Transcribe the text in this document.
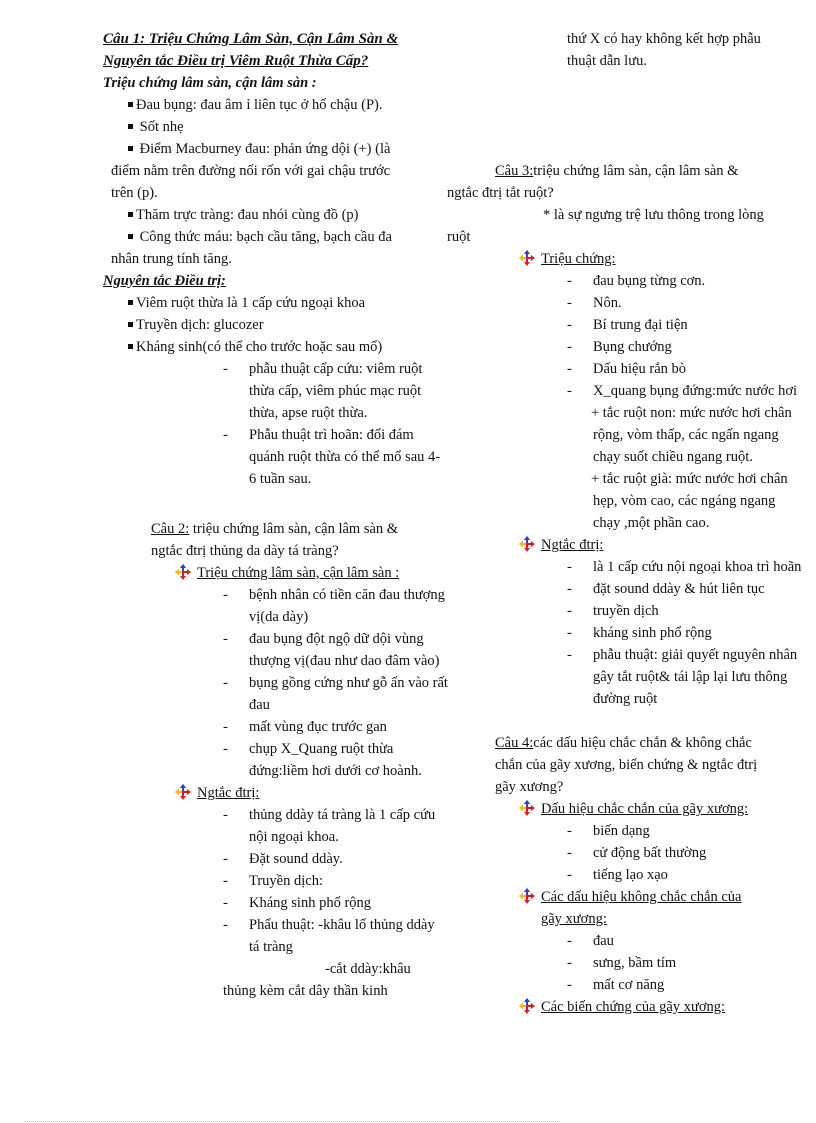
Câu 1: Triệu Chứng Lâm Sàn, Cận Lâm Sàn &
Nguyên tắc Điều trị Viêm Ruột Thừa Cấp?
Triệu chứng lâm sàn, cận lâm sàn :
Đau bụng: đau âm ỉ liên tục ở hố chậu (P).
Sốt nhẹ
Điểm Macburney đau: phản ứng dội (+) (là
điểm nằm trên đường nối rốn với gai chậu trước
trên (p).
Thăm trực tràng: đau nhói cùng đồ (p)
Công thức máu: bạch cầu tăng, bạch cầu đa
nhân trung tính tăng.
Nguyên tắc Điều trị:
Viêm ruột thừa là 1 cấp cứu ngoại khoa
Truyền dịch: glucozer
Kháng sinh(có thể cho trước hoặc sau mổ)
- phẫu thuật cấp cứu: viêm ruột thừa cấp, viêm phúc mạc ruột thừa, apse ruột thừa.
- Phẫu thuật trì hoãn: đối đám quánh ruột thừa có thể mổ sau 4-6 tuần sau.
Câu 2: triệu chứng lâm sàn, cận lâm sàn &
ngtắc đtrị thủng da dày tá tràng?
Triệu chứng lâm sàn, cận lâm sàn :
- bệnh nhân có tiền căn đau thượng vị(da dày)
- đau bụng đột ngộ dữ dội vùng thượng vị(đau như dao đâm vào)
- bụng gồng cứng như gỗ ấn vào rất đau
- mất vùng đục trước gan
- chụp X_Quang ruột thừa đứng:liềm hơi dưới cơ hoành.
Ngtắc đtrị:
- thủng ddày tá tràng là 1 cấp cứu nội ngoại khoa.
- Đặt sound ddày.
- Truyền dịch:
- Kháng sinh phổ rộng
- Phẩu thuật: -khâu lổ thủng ddày tá tràng
-cắt ddày:khâu
thủng kèm cắt dây thần kinh
thứ X có hay không kết hợp phẫu
thuật dẫn lưu.
Câu 3:triệu chứng lâm sàn, cận lâm sàn &
ngtắc đtrị tắt ruột?
* là sự ngưng trệ lưu thông trong lòng
ruột
Triệu chứng:
- đau bụng từng cơn.
- Nôn.
- Bí trung đại tiện
- Bụng chướng
- Dấu hiệu rắn bò
- X_quang bụng đứng:mức nước hơi
+ tắc ruột non: mức nước hơi chân rộng, vòm thấp, các ngấn ngang chạy suốt chiều ngang ruột.
+ tắc ruột già: mức nước hơi chân hẹp, vòm cao, các ngáng ngang chạy ,một phần cao.
Ngtắc đtrị:
- là 1 cấp cứu nội ngoại khoa trì hoãn
- đặt sound ddày & hút liên tục
- truyền dịch
- kháng sinh phổ rộng
- phẫu thuật: giải quyết nguyên nhân gây tắt ruột& tái lập lại lưu thông đường ruột
Câu 4:các dấu hiệu chắc chắn & không chắc
chắn của gãy xương, biến chứng & ngtắc đtrị
gãy xương?
Dấu hiệu chắc chắn của gãy xương:
- biến dạng
- cử động bất thường
- tiếng lạo xạo
Các dấu hiệu không chắc chắn của
gãy xương:
- đau
- sưng, bầm tím
- mất cơ năng
Các biến chứng của gãy xương:
